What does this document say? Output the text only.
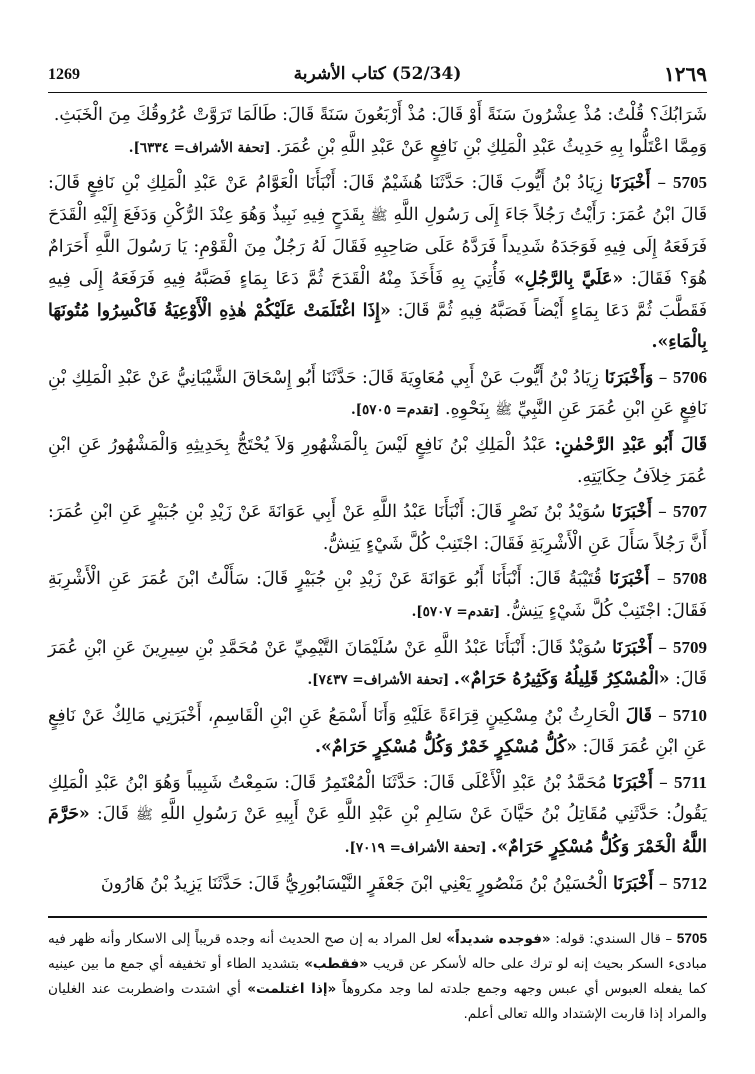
1269	(52/34) كتاب الأشربة	١٢٦٩

شَرَابُكَ؟ قُلْتُ: مُذْ عِشْرُونَ سَنَةً أَوْ قَالَ: مُذْ أَرْبَعُونَ سَنَةً قَالَ: طَالَمَا تَرَوَّتْ عُرُوقُكَ مِنَ الْخَبَثِ.

وَمِمَّا اعْتَلُّوا بِهِ حَدِيثُ عَبْدِ الْمَلِكِ بْنِ نَافِعٍ عَنْ عَبْدِ اللَّهِ بْنِ عُمَرَ. [تحفة الأشراف= ٦٣٣٤].

5705 – أَخْبَرَنَا زِيَادُ بْنُ أَيُّوبَ قَالَ: حَدَّثَنَا هُشَيْمٌ قَالَ: أَنْبَأَنَا الْعَوَّامُ عَنْ عَبْدِ الْمَلِكِ بْنِ نَافِعٍ قَالَ: قَالَ ابْنُ عُمَرَ: رَأَيْتُ رَجُلاً جَاءَ إِلَى رَسُولِ اللَّهِ ﷺ بِقَدَحٍ فِيهِ نَبِيذٌ وَهُوَ عِنْدَ الرُّكْنِ وَدَفَعَ إِلَيْهِ الْقَدَحَ فَرَفَعَهُ إِلَى فِيهِ فَوَجَدَهُ شَدِيداً فَرَدَّهُ عَلَى صَاحِبِهِ فَقَالَ لَهُ رَجُلٌ مِنَ الْقَوْمِ: يَا رَسُولَ اللَّهِ أَحَرَامٌ هُوَ؟ فَقَالَ: «عَلَيَّ بِالرَّجُلِ» فَأُتِيَ بِهِ فَأَخَذَ مِنْهُ الْقَدَحَ ثُمَّ دَعَا بِمَاءٍ فَصَبَّهُ فِيهِ فَرَفَعَهُ إِلَى فِيهِ فَقَطَّبَ ثُمَّ دَعَا بِمَاءٍ أَيْضاً فَصَبَّهُ فِيهِ ثُمَّ قَالَ: «إِذَا اغْتَلَمَتْ عَلَيْكُمْ هٰذِهِ الْأَوْعِيَةُ فَاكْسِرُوا مُتُونَهَا بِالْمَاءِ».

5706 – وَأَخْبَرَنَا زِيَادُ بْنُ أَيُّوبَ عَنْ أَبِي مُعَاوِيَةَ قَالَ: حَدَّثَنَا أَبُو إِسْحَاقَ الشَّيْبَانِيُّ عَنْ عَبْدِ الْمَلِكِ بْنِ نَافِعٍ عَنِ ابْنِ عُمَرَ عَنِ النَّبِيِّ ﷺ بِنَحْوِهِ. [تقدم= ٥٧٠٥].

قَالَ أَبُو عَبْدِ الرَّحْمٰنِ: عَبْدُ الْمَلِكِ بْنُ نَافِعٍ لَيْسَ بِالْمَشْهُورِ وَلاَ يُحْتَجُّ بِحَدِيثِهِ وَالْمَشْهُورُ عَنِ ابْنِ عُمَرَ خِلاَفُ حِكَايَتِهِ.

5707 – أَخْبَرَنَا سُوَيْدُ بْنُ نَصْرٍ قَالَ: أَنْبَأَنَا عَبْدُ اللَّهِ عَنْ أَبِي عَوَانَةَ عَنْ زَيْدِ بْنِ جُبَيْرٍ عَنِ ابْنِ عُمَرَ: أَنَّ رَجُلاً سَأَلَ عَنِ الْأَشْرِبَةِ فَقَالَ: اجْتَنِبْ كُلَّ شَيْءٍ يَنِشُّ.

5708 – أَخْبَرَنَا قُتَيْبَةُ قَالَ: أَنْبَأَنَا أَبُو عَوَانَةَ عَنْ زَيْدِ بْنِ جُبَيْرٍ قَالَ: سَأَلْتُ ابْنَ عُمَرَ عَنِ الْأَشْرِبَةِ فَقَالَ: اجْتَنِبْ كُلَّ شَيْءٍ يَنِشُّ. [تقدم= ٥٧٠٧].

5709 – أَخْبَرَنَا سُوَيْدٌ قَالَ: أَنْبَأَنَا عَبْدُ اللَّهِ عَنْ سُلَيْمَانَ التَّيْمِيِّ عَنْ مُحَمَّدِ بْنِ سِيرِينَ عَنِ ابْنِ عُمَرَ قَالَ: «الْمُسْكِرُ قَلِيلُهُ وَكَثِيرُهُ حَرَامٌ». [تحفة الأشراف= ٧٤٣٧].

5710 – قَالَ الْحَارِثُ بْنُ مِسْكِينٍ قِرَاءَةً عَلَيْهِ وَأَنَا أَسْمَعُ عَنِ ابْنِ الْقَاسِمِ، أَخْبَرَنِي مَالِكٌ عَنْ نَافِعٍ عَنِ ابْنِ عُمَرَ قَالَ: «كُلُّ مُسْكِرٍ خَمْرٌ وَكُلُّ مُسْكِرٍ حَرَامٌ».

5711 – أَخْبَرَنَا مُحَمَّدُ بْنُ عَبْدِ الْأَعْلَى قَالَ: حَدَّثَنَا الْمُعْتَمِرُ قَالَ: سَمِعْتُ شَبِيباً وَهُوَ ابْنُ عَبْدِ الْمَلِكِ يَقُولُ: حَدَّثَنِي مُقَاتِلُ بْنُ حَيَّانَ عَنْ سَالِمِ بْنِ عَبْدِ اللَّهِ عَنْ أَبِيهِ عَنْ رَسُولِ اللَّهِ ﷺ قَالَ: «حَرَّمَ اللَّهُ الْخَمْرَ وَكُلُّ مُسْكِرٍ حَرَامٌ». [تحفة الأشراف= ٧٠١٩].

5712 – أَخْبَرَنَا الْحُسَيْنُ بْنُ مَنْصُورٍ يَعْنِي ابْنَ جَعْفَرٍ النَّيْسَابُورِيُّ قَالَ: حَدَّثَنَا يَزِيدُ بْنُ هَارُونَ

5705 – قال السندي: قوله: «فوجده شديداً» لعل المراد به إن صح الحديث أنه وجده قريباً إلى الاسكار وأنه ظهر فيه مبادىء السكر بحيث إنه لو ترك على حاله لأسكر عن قريب «فقطب» بتشديد الطاء أو تخفيفه أي جمع ما بين عينيه كما يفعله العبوس أي عبس وجهه وجمع جلدته لما وجد مكروهاً «إذا اغتلمت» أي اشتدت واضطربت عند الغليان والمراد إذا قاربت الإشتداد والله تعالى أعلم.
